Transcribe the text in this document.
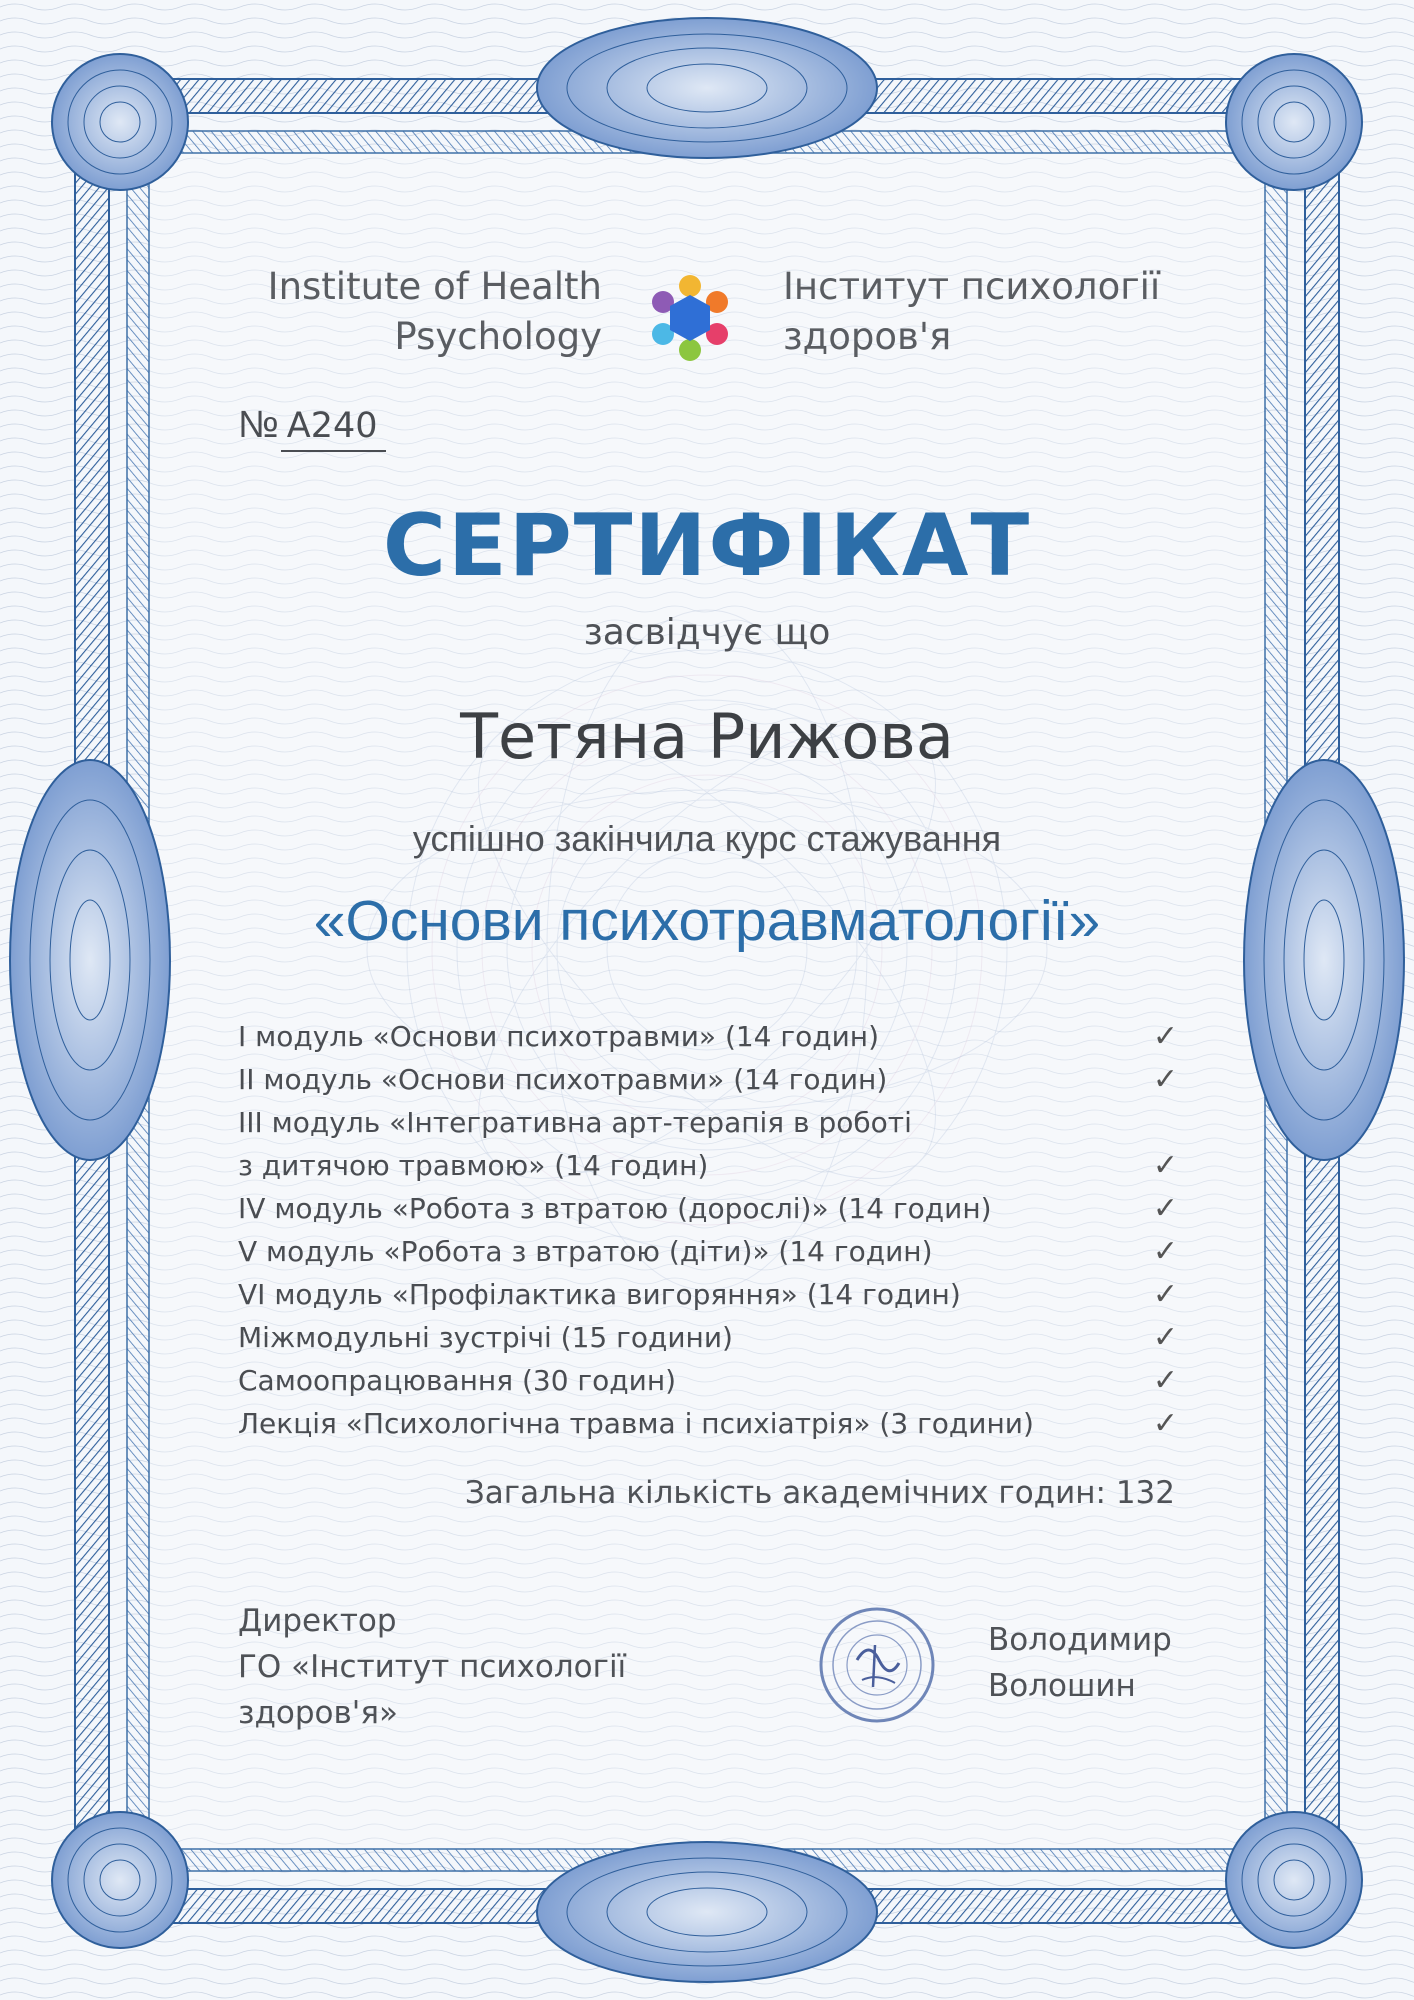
Institute of Health
Psychology
Інститут психології
здоров'я
№ A240
СЕРТИФІКАТ
засвідчує що
Тетяна Рижова
успішно закінчила курс стажування
«Основи психотравматології»
I модуль «Основи психотравми» (14 годин)	✓
II модуль «Основи психотравми» (14 годин)	✓
III модуль «Інтегративна арт-терапія в роботі
з дитячою травмою» (14 годин)	✓
IV модуль «Робота з втратою (дорослі)» (14 годин)	✓
V модуль «Робота з втратою (діти)» (14 годин)	✓
VI модуль «Профілактика вигоряння» (14 годин)	✓
Міжмодульні зустрічі (15 години)	✓
Самоопрацювання (30 годин)	✓
Лекція «Психологічна травма і психіатрія» (3 години)	✓
Загальна кількість академічних годин: 132
Директор
ГО «Інститут психології
здоров'я»
Володимир
Волошин
